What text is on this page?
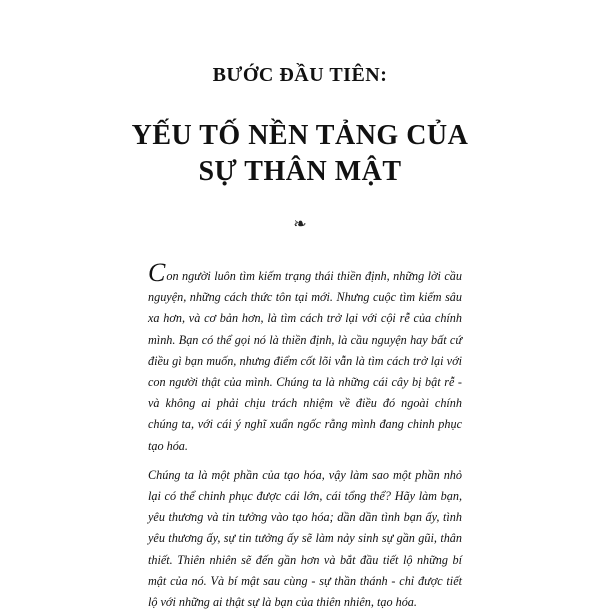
BƯỚC ĐẦU TIÊN:
YẾU TỐ NỀN TẢNG CỦA
SỰ THÂN MẬT
❧

Con người luôn tìm kiếm trạng thái thiền định, những lời cầu nguyện, những cách thức tôn tại mới. Nhưng cuộc tìm kiếm sâu xa hơn, và cơ bản hơn, là tìm cách trở lại với cội rễ của chính mình. Bạn có thể gọi nó là thiền định, là cầu nguyện hay bất cứ điều gì bạn muốn, nhưng điểm cốt lõi vẫn là tìm cách trở lại với con người thật của mình. Chúng ta là những cái cây bị bật rễ - và không ai phải chịu trách nhiệm về điều đó ngoài chính chúng ta, với cái ý nghĩ xuẩn ngốc rằng mình đang chinh phục tạo hóa.

Chúng ta là một phần của tạo hóa, vậy làm sao một phần nhỏ lại có thể chinh phục được cái lớn, cái tổng thể? Hãy làm bạn, yêu thương và tin tưởng vào tạo hóa; dần dần tình bạn ấy, tình yêu thương ấy, sự tin tưởng ấy sẽ làm nảy sinh sự gần gũi, thân thiết. Thiên nhiên sẽ đến gần hơn và bắt đầu tiết lộ những bí mật của nó. Và bí mật sau cùng - sự thần thánh - chỉ được tiết lộ với những ai thật sự là bạn của thiên nhiên, tạo hóa.
